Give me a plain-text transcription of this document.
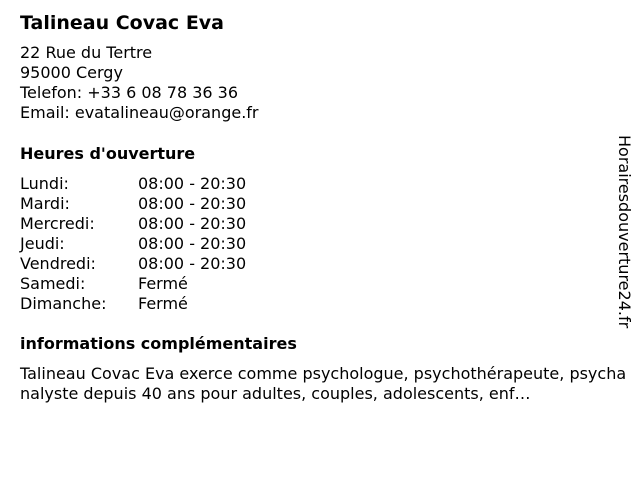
Talineau Covac Eva
22 Rue du Tertre
95000 Cergy
Telefon: +33 6 08 78 36 36
Email: evatalineau@orange.fr
Heures d'ouverture
Lundi:	08:00 - 20:30
Mardi:	08:00 - 20:30
Mercredi:	08:00 - 20:30
Jeudi:	08:00 - 20:30
Vendredi:	08:00 - 20:30
Samedi:	Fermé
Dimanche:	Fermé
informations complémentaires
Talineau Covac Eva exerce comme psychologue, psychothérapeute, psychanalyste depuis 40 ans pour adultes, couples, adolescents, enf…
Horairesdouverture24.fr
